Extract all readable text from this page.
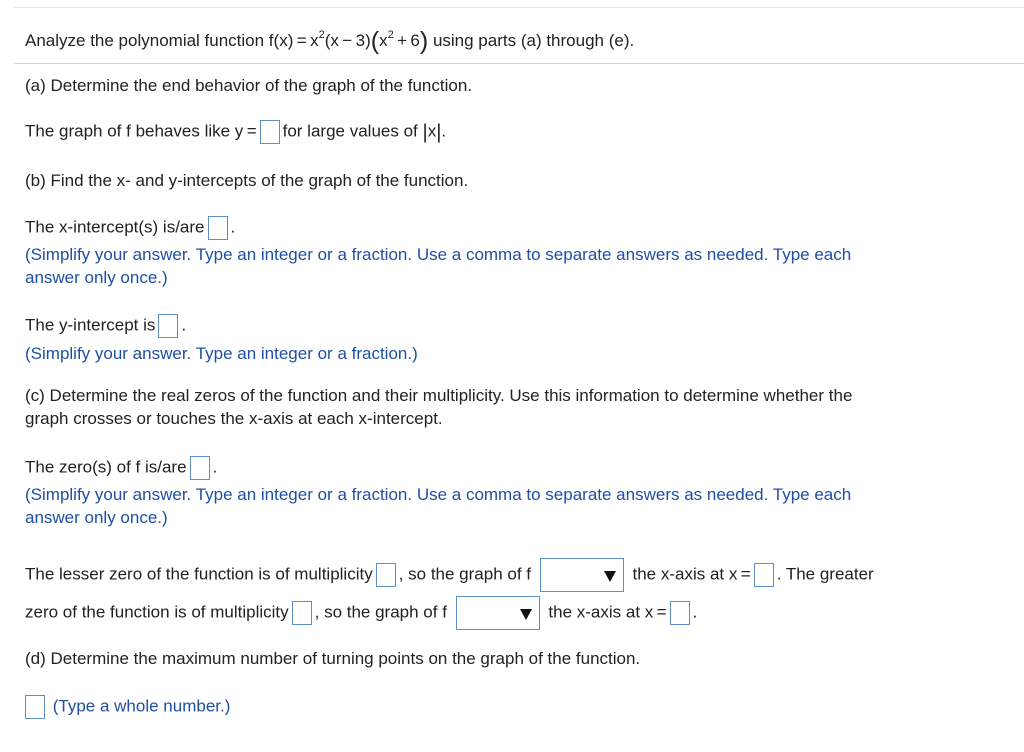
Analyze the polynomial function $f(x) = x^2(x - 3)(x^2 + 6)$ using parts (a) through (e).
(a) Determine the end behavior of the graph of the function.
The graph of f behaves like y = for large values of |x|.
(b) Find the x- and y-intercepts of the graph of the function.
The x-intercept(s) is/are .
(Simplify your answer. Type an integer or a fraction. Use a comma to separate answers as needed. Type each
answer only once.)
The y-intercept is .
(Simplify your answer. Type an integer or a fraction.)
(c) Determine the real zeros of the function and their multiplicity. Use this information to determine whether the
graph crosses or touches the x-axis at each x-intercept.
The zero(s) of f is/are .
(Simplify your answer. Type an integer or a fraction. Use a comma to separate answers as needed. Type each
answer only once.)
The lesser zero of the function is of multiplicity , so the graph of f	the x-axis at x = . The greater
zero of the function is of multiplicity , so the graph of f	the x-axis at x = .
(d) Determine the maximum number of turning points on the graph of the function.
(Type a whole number.)
